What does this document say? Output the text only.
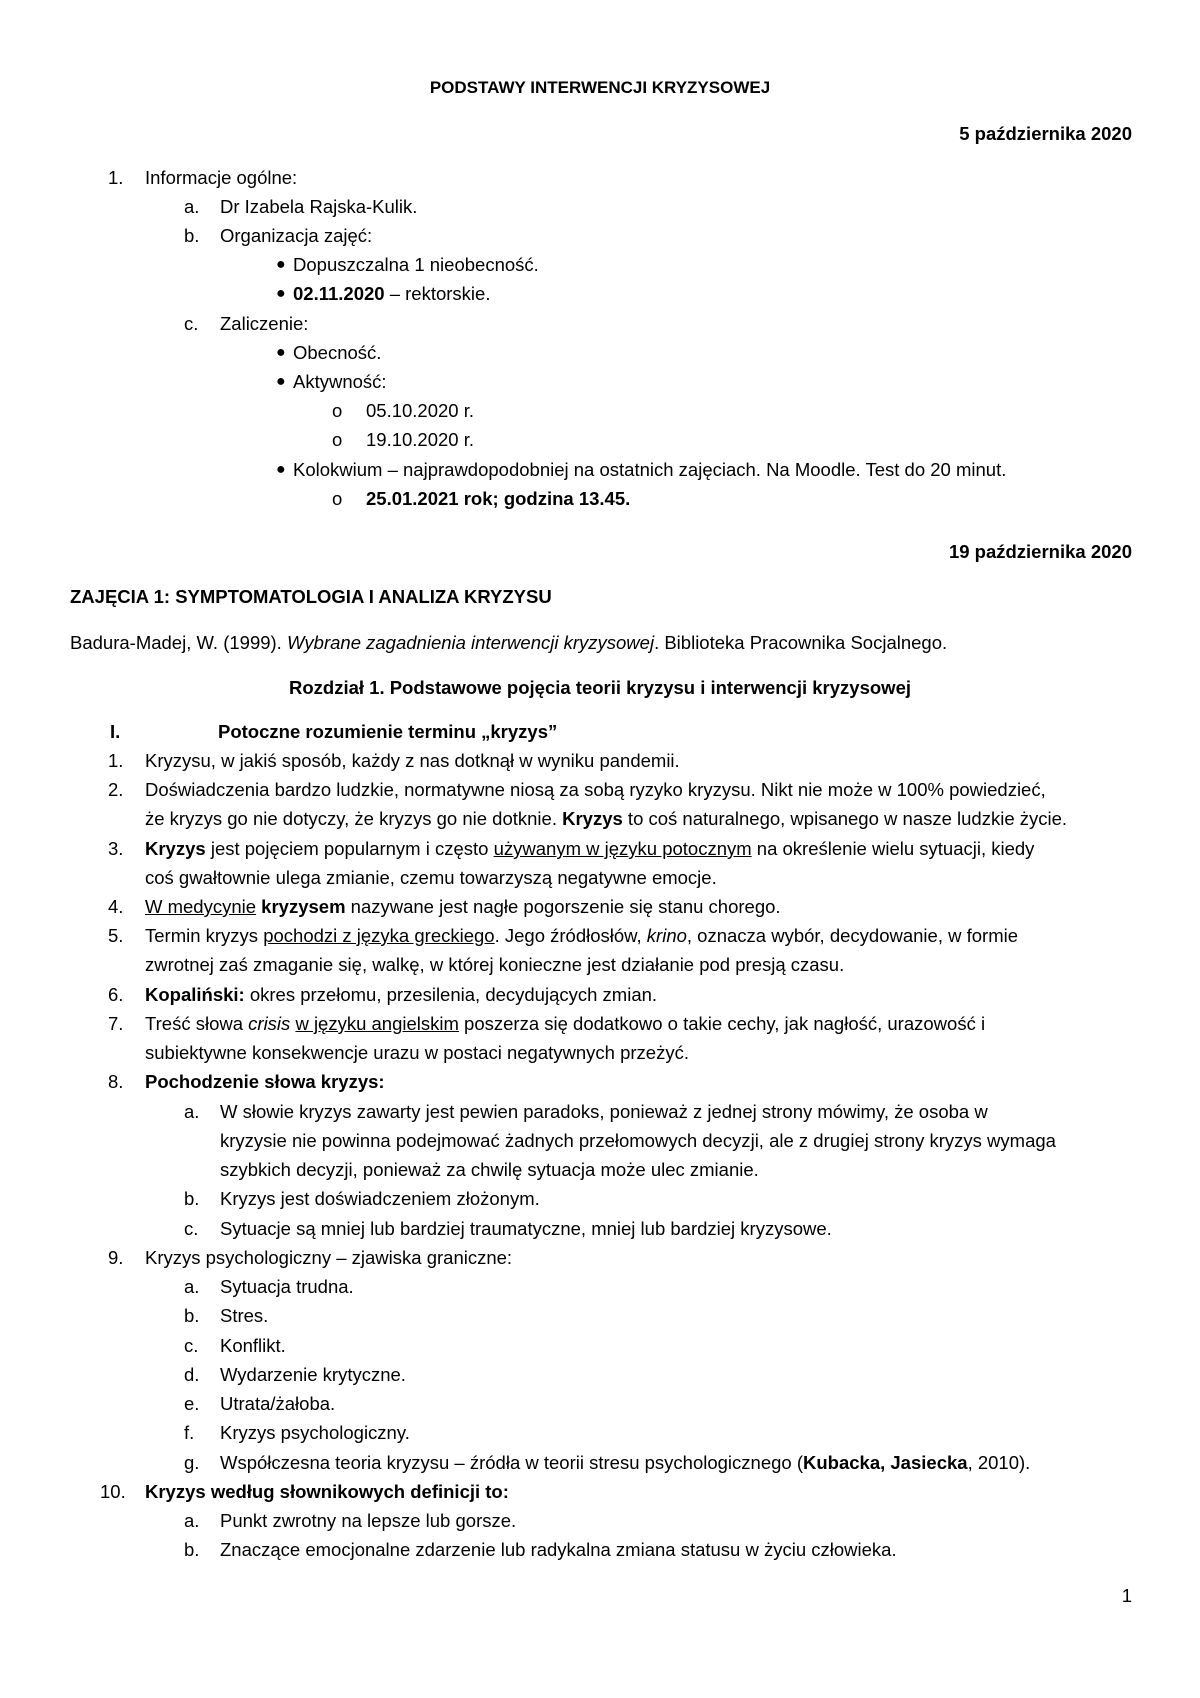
PODSTAWY INTERWENCJI KRYZYSOWEJ
5 października 2020
1. Informacje ogólne:
a. Dr Izabela Rajska-Kulik.
b. Organizacja zajęć:
● Dopuszczalna 1 nieobecność.
● 02.11.2020 – rektorskie.
c. Zaliczenie:
● Obecność.
● Aktywność:
o 05.10.2020 r.
o 19.10.2020 r.
● Kolokwium – najprawdopodobniej na ostatnich zajęciach. Na Moodle. Test do 20 minut.
o 25.01.2021 rok; godzina 13.45.
19 października 2020
ZAJĘCIA 1: SYMPTOMATOLOGIA I ANALIZA KRYZYSU
Badura-Madej, W. (1999). Wybrane zagadnienia interwencji kryzysowej. Biblioteka Pracownika Socjalnego.
Rozdział 1. Podstawowe pojęcia teorii kryzysu i interwencji kryzysowej
I.	Potoczne rozumienie terminu „kryzys”
1. Kryzysu, w jakiś sposób, każdy z nas dotknął w wyniku pandemii.
2. Doświadczenia bardzo ludzkie, normatywne niosą za sobą ryzyko kryzysu. Nikt nie może w 100% powiedzieć,
że kryzys go nie dotyczy, że kryzys go nie dotknie. Kryzys to coś naturalnego, wpisanego w nasze ludzkie życie.
3. Kryzys jest pojęciem popularnym i często używanym w języku potocznym na określenie wielu sytuacji, kiedy
coś gwałtownie ulega zmianie, czemu towarzyszą negatywne emocje.
4. W medycynie kryzysem nazywane jest nagłe pogorszenie się stanu chorego.
5. Termin kryzys pochodzi z języka greckiego. Jego źródłosłów, krino, oznacza wybór, decydowanie, w formie
zwrotnej zaś zmaganie się, walkę, w której konieczne jest działanie pod presją czasu.
6. Kopaliński: okres przełomu, przesilenia, decydujących zmian.
7. Treść słowa crisis w języku angielskim poszerza się dodatkowo o takie cechy, jak nagłość, urazowość i
subiektywne konsekwencje urazu w postaci negatywnych przeżyć.
8. Pochodzenie słowa kryzys:
a. W słowie kryzys zawarty jest pewien paradoks, ponieważ z jednej strony mówimy, że osoba w
kryzysie nie powinna podejmować żadnych przełomowych decyzji, ale z drugiej strony kryzys wymaga
szybkich decyzji, ponieważ za chwilę sytuacja może ulec zmianie.
b. Kryzys jest doświadczeniem złożonym.
c. Sytuacje są mniej lub bardziej traumatyczne, mniej lub bardziej kryzysowe.
9. Kryzys psychologiczny – zjawiska graniczne:
a. Sytuacja trudna.
b. Stres.
c. Konflikt.
d. Wydarzenie krytyczne.
e. Utrata/żałoba.
f. Kryzys psychologiczny.
g. Współczesna teoria kryzysu – źródła w teorii stresu psychologicznego (Kubacka, Jasiecka, 2010).
10. Kryzys według słownikowych definicji to:
a. Punkt zwrotny na lepsze lub gorsze.
b. Znaczące emocjonalne zdarzenie lub radykalna zmiana statusu w życiu człowieka.
1
